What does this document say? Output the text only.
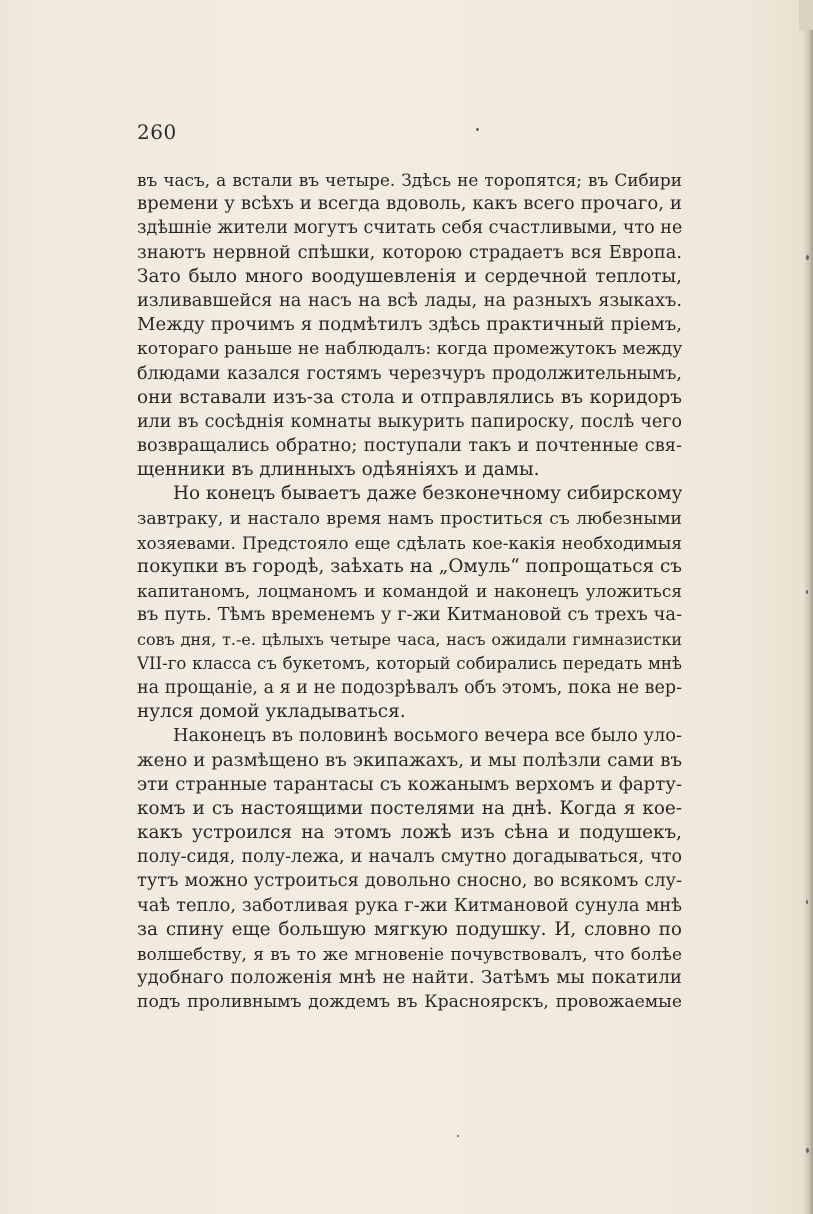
260
въ часъ, а встали въ четыре. Здѣсь не торопятся; въ Сибири
времени у всѣхъ и всегда вдоволь, какъ всего прочаго, и
здѣшніе жители могутъ считать себя счастливыми, что не
знаютъ нервной спѣшки, которою страдаетъ вся Европа.
Зато было много воодушевленія и сердечной теплоты,
изливавшейся на насъ на всѣ лады, на разныхъ языкахъ.
Между прочимъ я подмѣтилъ здѣсь практичный пріемъ,
котораго раньше не наблюдалъ: когда промежутокъ между
блюдами казался гостямъ черезчуръ продолжительнымъ,
они вставали изъ-за стола и отправлялись въ коридоръ
или въ сосѣднія комнаты выкурить папироску, послѣ чего
возвращались обратно; поступали такъ и почтенные свя-
щенники въ длинныхъ одѣяніяхъ и дамы.
Но конецъ бываетъ даже безконечному сибирскому
завтраку, и настало время намъ проститься съ любезными
хозяевами. Предстояло еще сдѣлать кое-какія необходимыя
покупки въ городѣ, заѣхать на „Омуль“ попрощаться съ
капитаномъ, лоцманомъ и командой и наконецъ уложиться
въ путь. Тѣмъ временемъ у г-жи Китмановой съ трехъ ча-
совъ дня, т.-е. цѣлыхъ четыре часа, насъ ожидали гимназистки
VII-го класса съ букетомъ, который собирались передать мнѣ
на прощаніе, а я и не подозрѣвалъ объ этомъ, пока не вер-
нулся домой укладываться.
Наконецъ въ половинѣ восьмого вечера все было уло-
жено и размѣщено въ экипажахъ, и мы полѣзли сами въ
эти странные тарантасы съ кожанымъ верхомъ и фарту-
комъ и съ настоящими постелями на днѣ. Когда я кое-
какъ устроился на этомъ ложѣ изъ сѣна и подушекъ,
полу-сидя, полу-лежа, и началъ смутно догадываться, что
тутъ можно устроиться довольно сносно, во всякомъ слу-
чаѣ тепло, заботливая рука г-жи Китмановой сунула мнѣ
за спину еще большую мягкую подушку. И, словно по
волшебству, я въ то же мгновеніе почувствовалъ, что болѣе
удобнаго положенія мнѣ не найти. Затѣмъ мы покатили
подъ проливнымъ дождемъ въ Красноярскъ, провожаемые
